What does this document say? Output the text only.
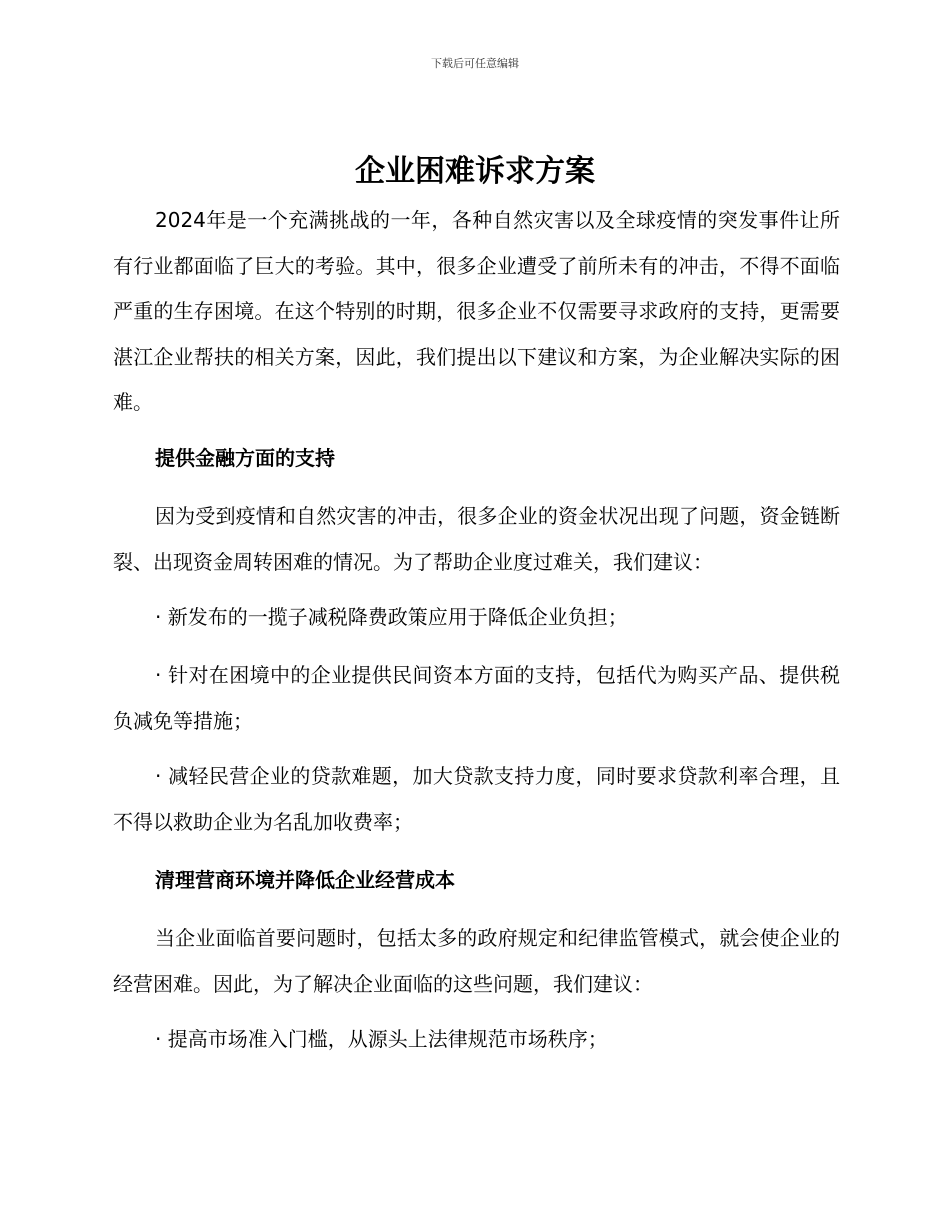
下载后可任意编辑
企业困难诉求方案

2024年是一个充满挑战的一年，各种自然灾害以及全球疫情的突发事件让所有行业都面临了巨大的考验。其中，很多企业遭受了前所未有的冲击，不得不面临严重的生存困境。在这个特别的时期，很多企业不仅需要寻求政府的支持，更需要湛江企业帮扶的相关方案，因此，我们提出以下建议和方案，为企业解决实际的困难。

提供金融方面的支持

因为受到疫情和自然灾害的冲击，很多企业的资金状况出现了问题，资金链断裂、出现资金周转困难的情况。为了帮助企业度过难关，我们建议：

· 新发布的一揽子减税降费政策应用于降低企业负担；

· 针对在困境中的企业提供民间资本方面的支持，包括代为购买产品、提供税负减免等措施；

· 减轻民营企业的贷款难题，加大贷款支持力度，同时要求贷款利率合理，且不得以救助企业为名乱加收费率；

清理营商环境并降低企业经营成本

当企业面临首要问题时，包括太多的政府规定和纪律监管模式，就会使企业的经营困难。因此，为了解决企业面临的这些问题，我们建议：

· 提高市场准入门槛，从源头上法律规范市场秩序；
